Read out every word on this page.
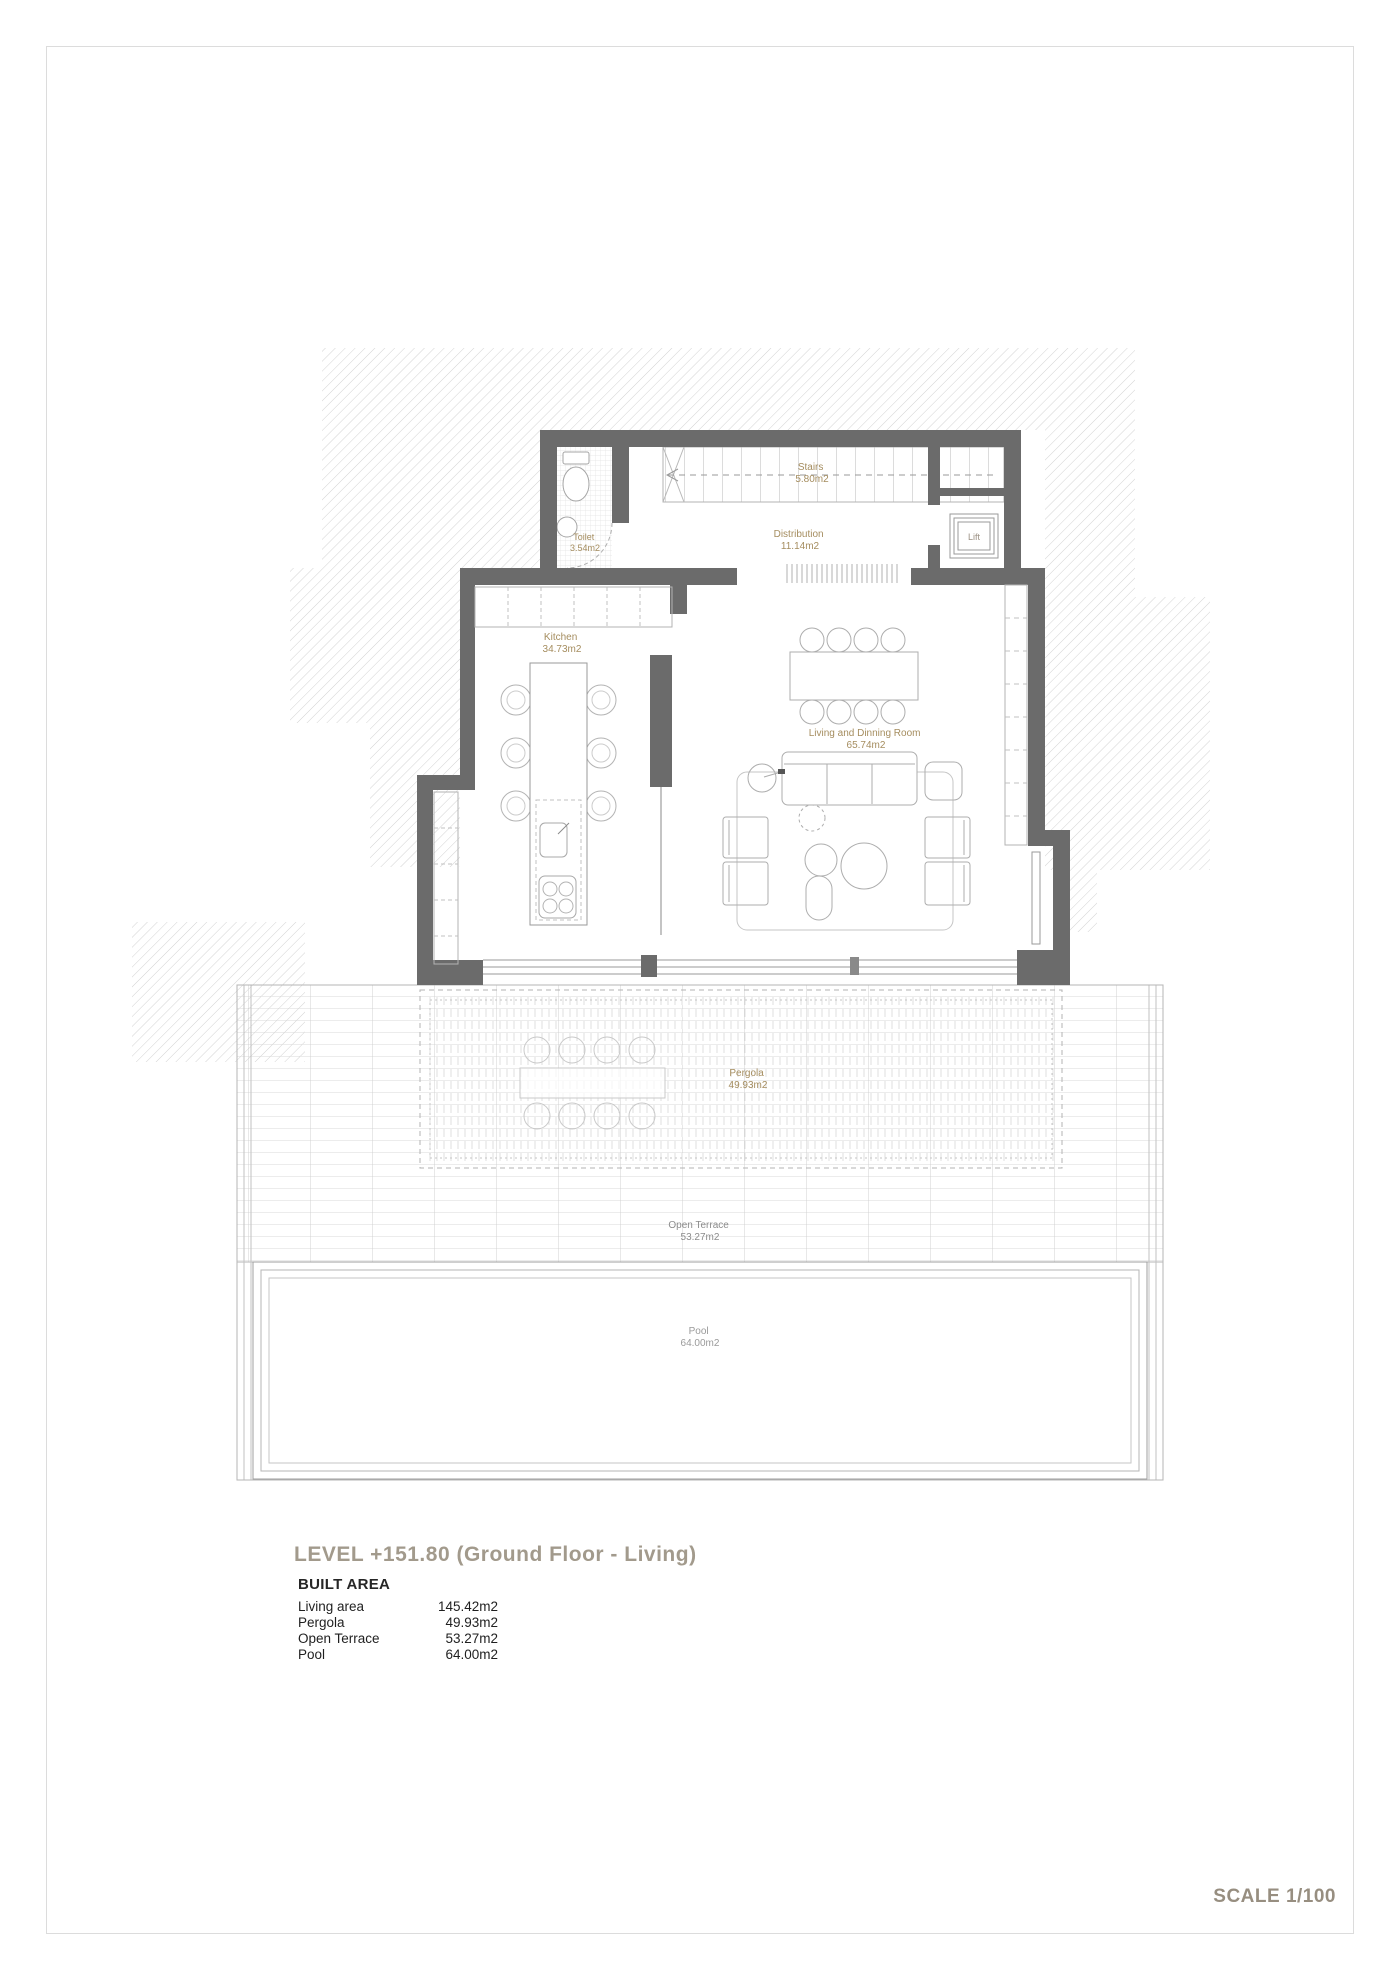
Toilet 3.54m2
Stairs 5.80m2
Distribution 11.14m2
Lift
Kitchen 34.73m2
Living and Dinning Room 65.74m2
Pergola 49.93m2
Open Terrace 53.27m2
Pool 64.00m2
LEVEL +151.80 (Ground Floor - Living)
BUILT AREA
Living area	145.42m2
Pergola	49.93m2
Open Terrace	53.27m2
Pool	64.00m2
SCALE 1/100
